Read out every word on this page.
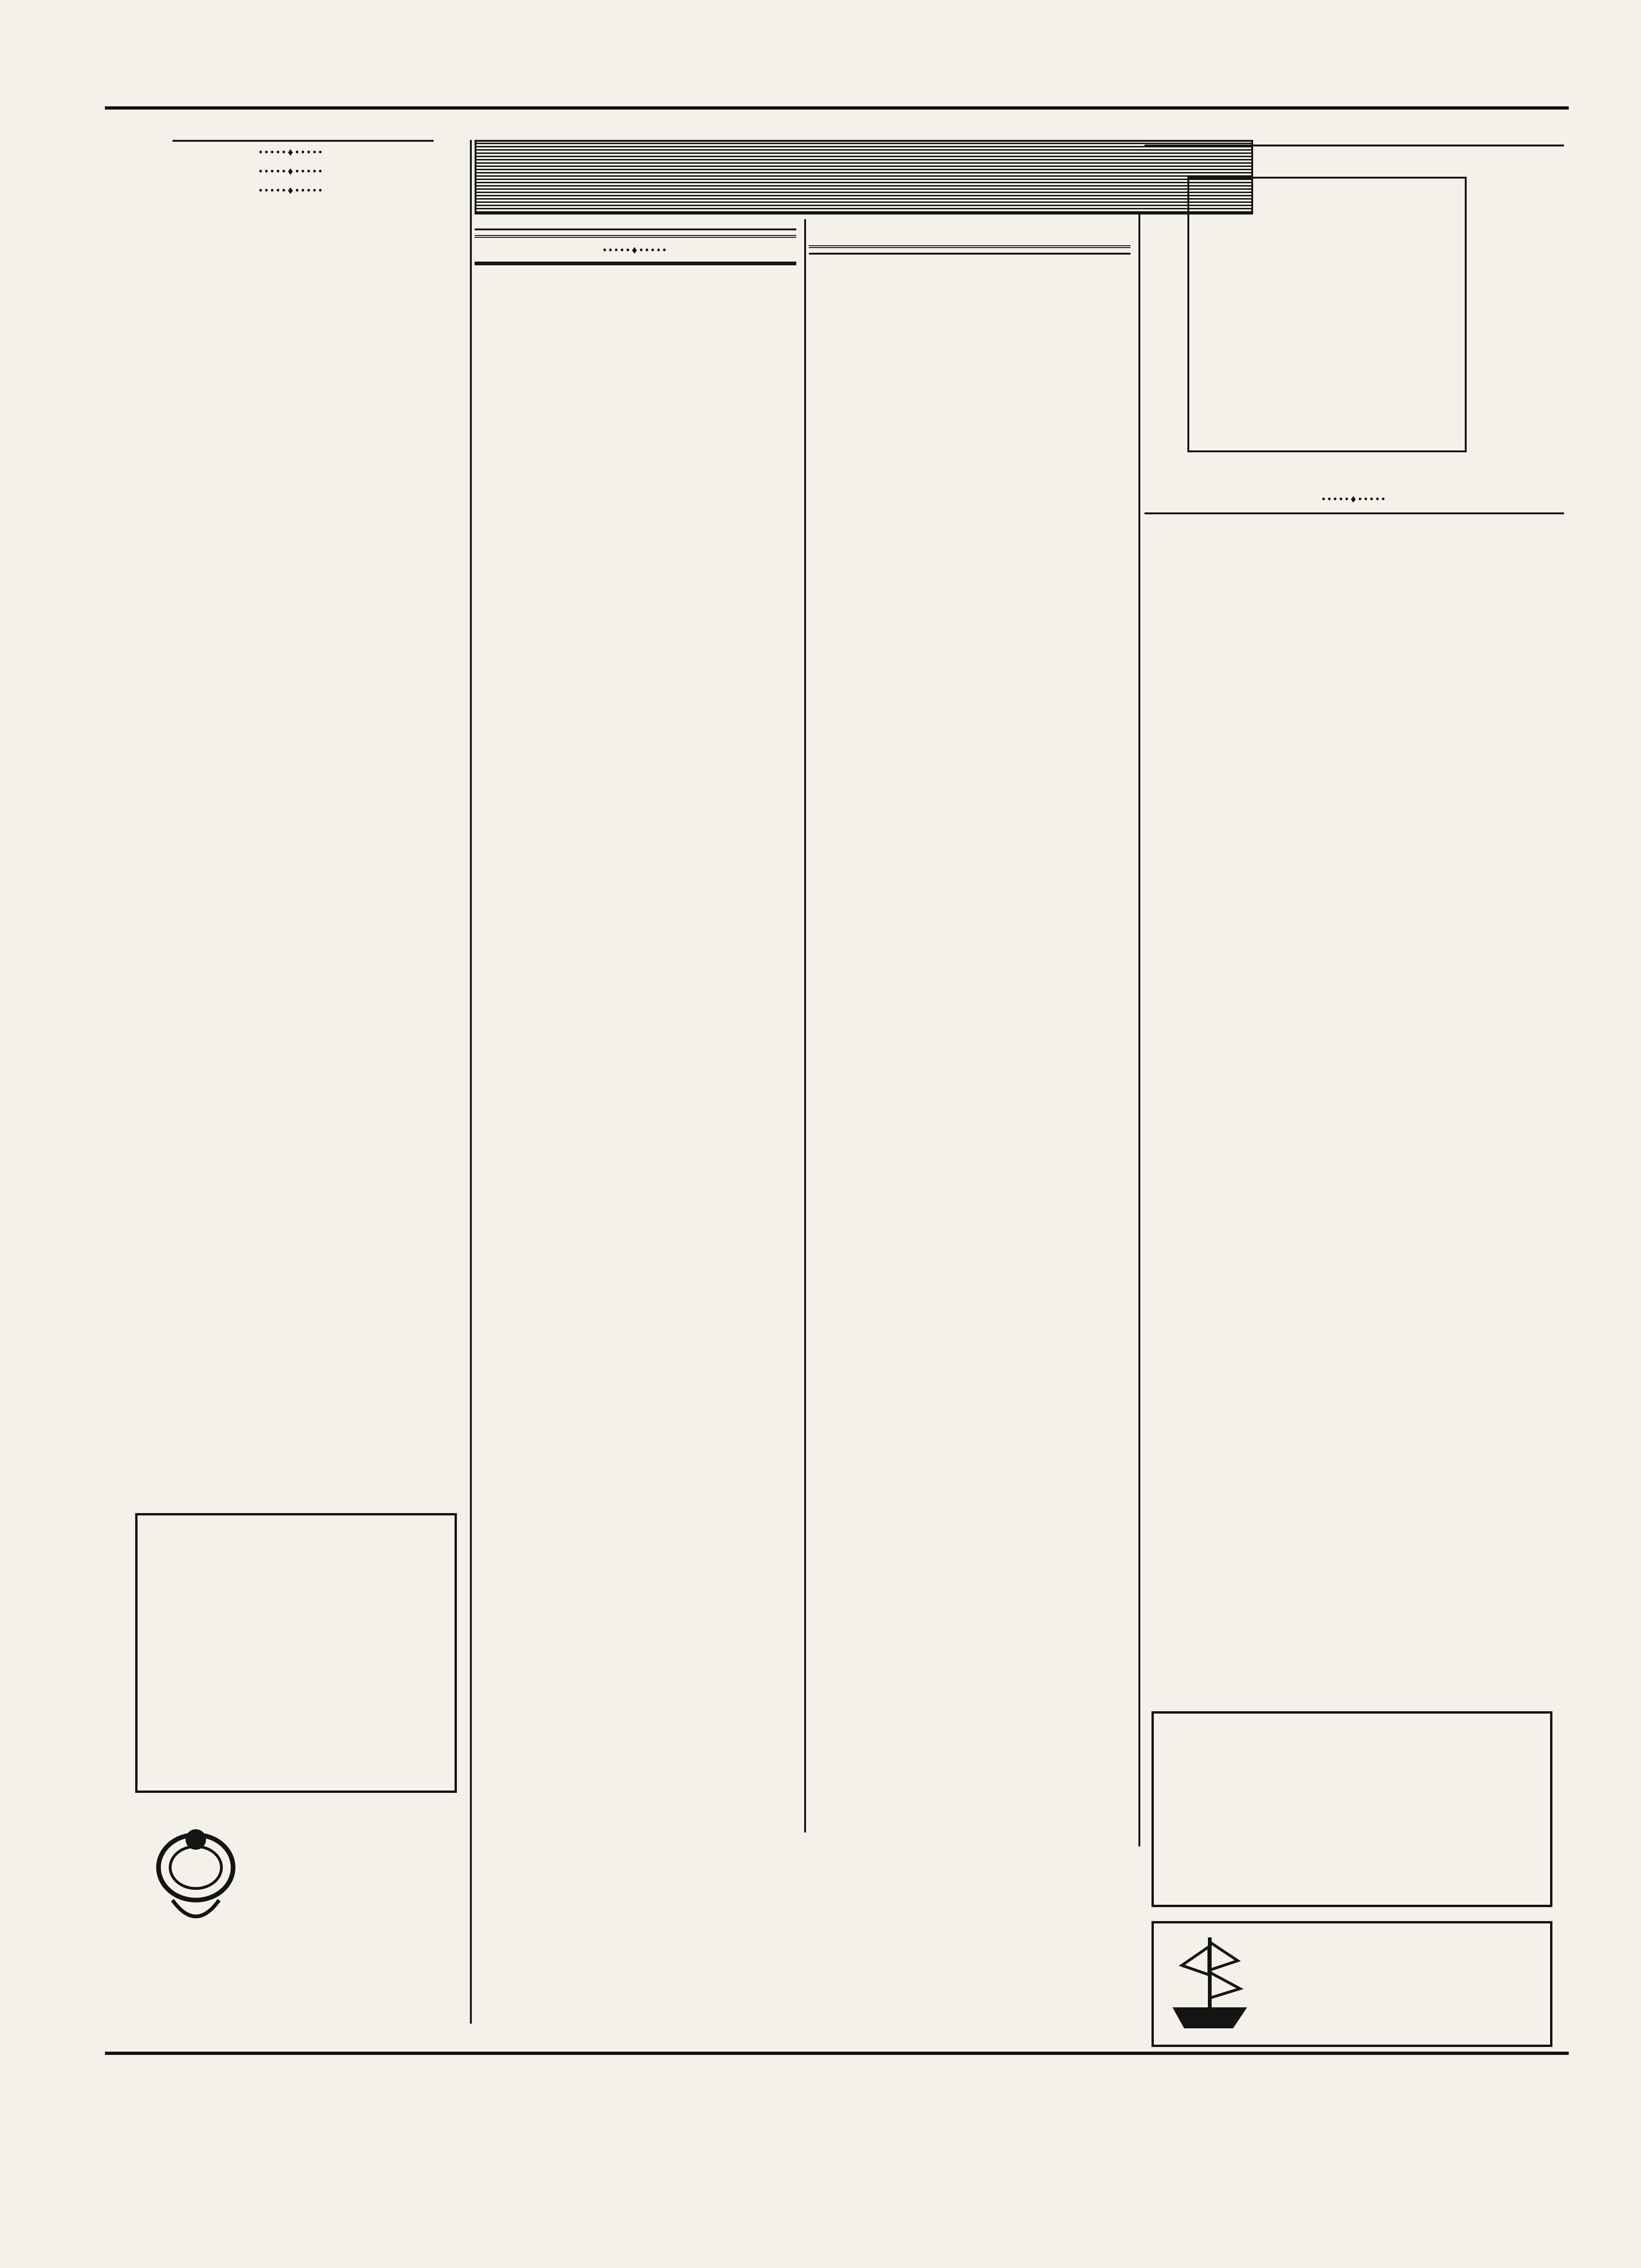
•••••♦•••••

•••••♦•••••

•••••♦•••••

•••••♦•••••

•••••♦•••••
